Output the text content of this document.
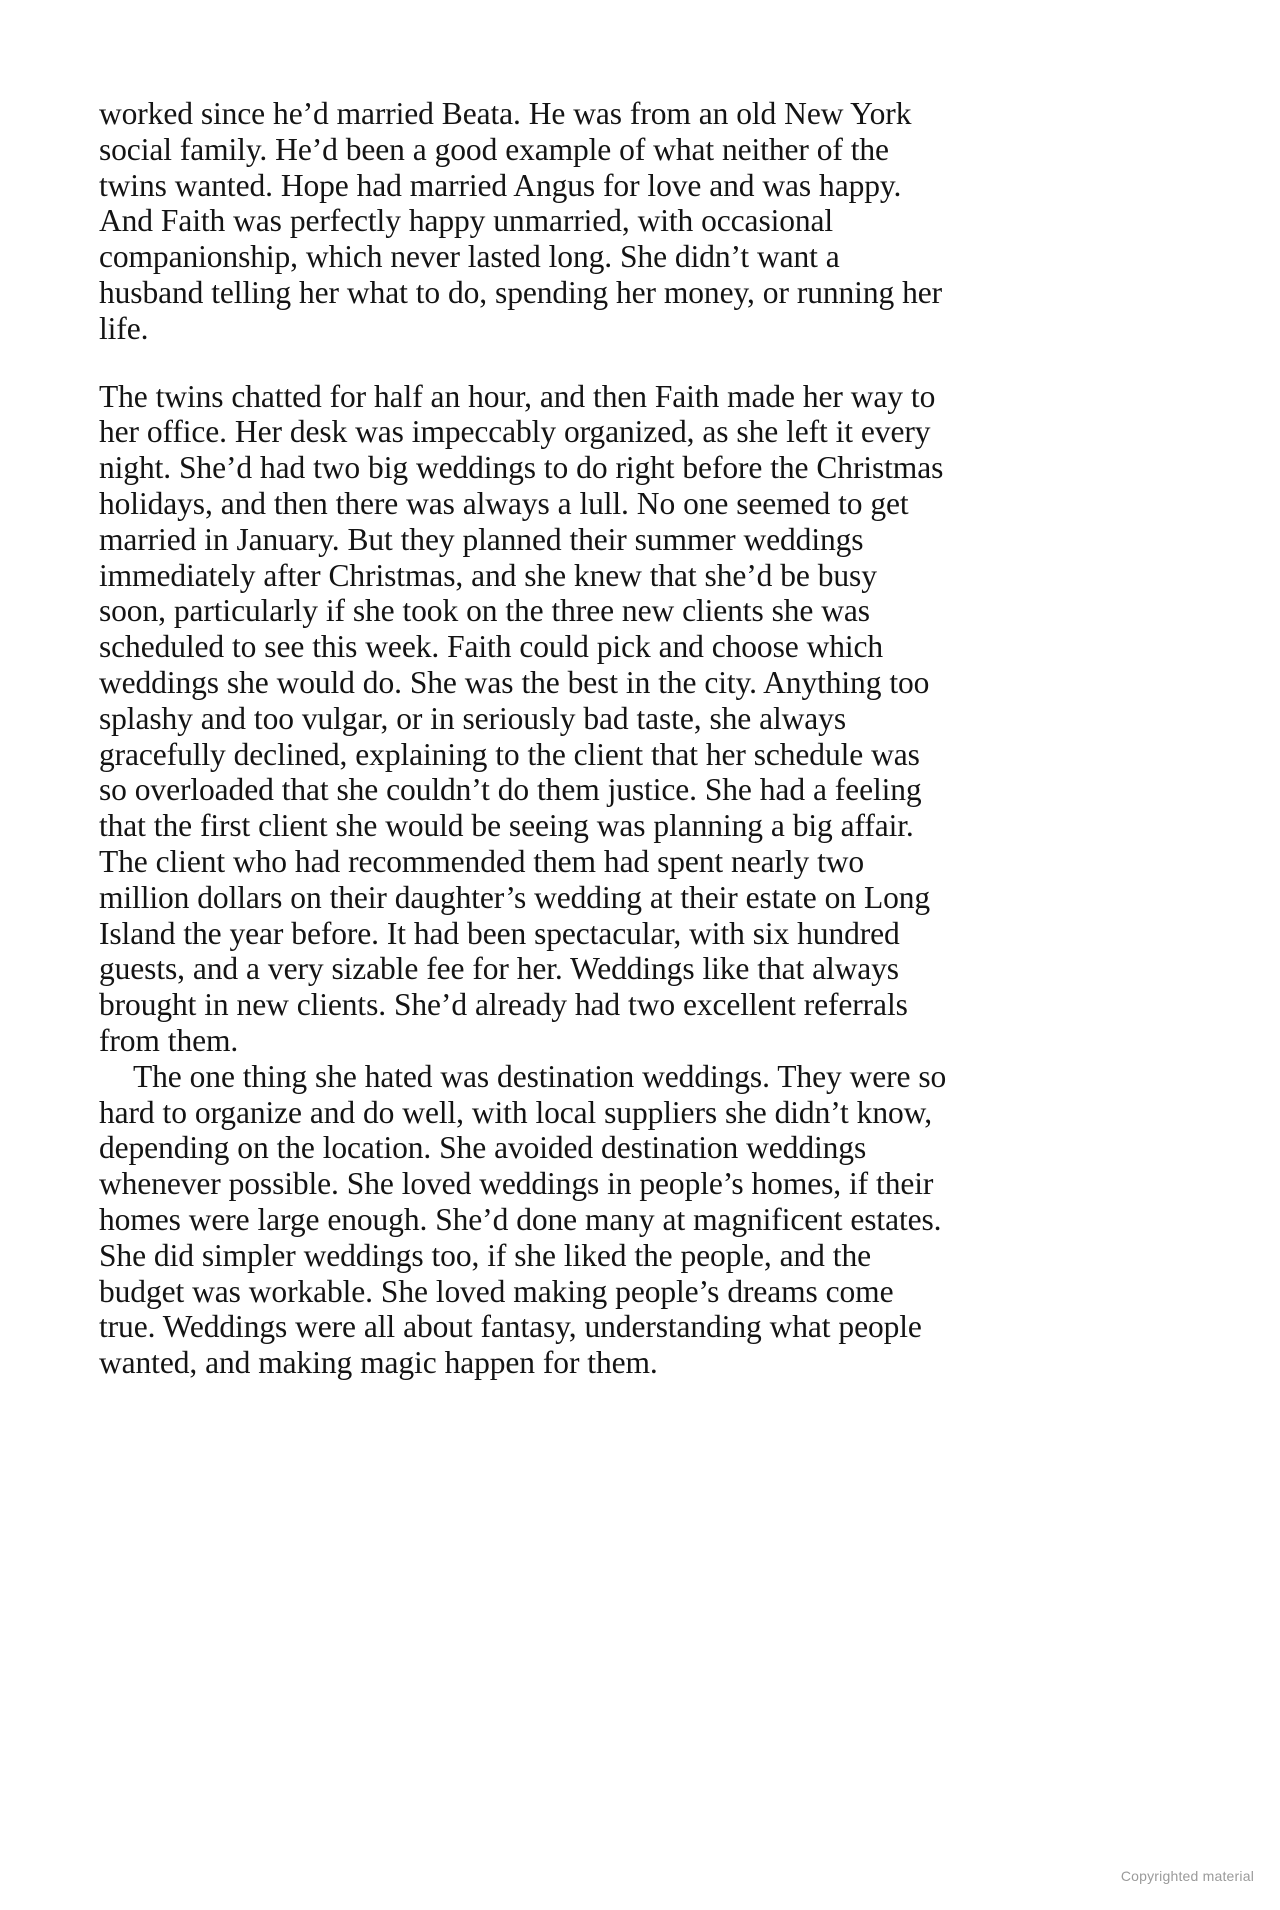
worked since he’d married Beata. He was from an old New York social family. He’d been a good example of what neither of the twins wanted. Hope had married Angus for love and was happy. And Faith was perfectly happy unmarried, with occasional companionship, which never lasted long. She didn’t want a husband telling her what to do, spending her money, or running her life.

The twins chatted for half an hour, and then Faith made her way to her office. Her desk was impeccably organized, as she left it every night. She’d had two big weddings to do right before the Christmas holidays, and then there was always a lull. No one seemed to get married in January. But they planned their summer weddings immediately after Christmas, and she knew that she’d be busy soon, particularly if she took on the three new clients she was scheduled to see this week. Faith could pick and choose which weddings she would do. She was the best in the city. Anything too splashy and too vulgar, or in seriously bad taste, she always gracefully declined, explaining to the client that her schedule was so overloaded that she couldn’t do them justice. She had a feeling that the first client she would be seeing was planning a big affair. The client who had recommended them had spent nearly two million dollars on their daughter’s wedding at their estate on Long Island the year before. It had been spectacular, with six hundred guests, and a very sizable fee for her. Weddings like that always brought in new clients. She’d already had two excellent referrals from them.

The one thing she hated was destination weddings. They were so hard to organize and do well, with local suppliers she didn’t know, depending on the location. She avoided destination weddings whenever possible. She loved weddings in people’s homes, if their homes were large enough. She’d done many at magnificent estates. She did simpler weddings too, if she liked the people, and the budget was workable. She loved making people’s dreams come true. Weddings were all about fantasy, understanding what people wanted, and making magic happen for them.

Copyrighted material
